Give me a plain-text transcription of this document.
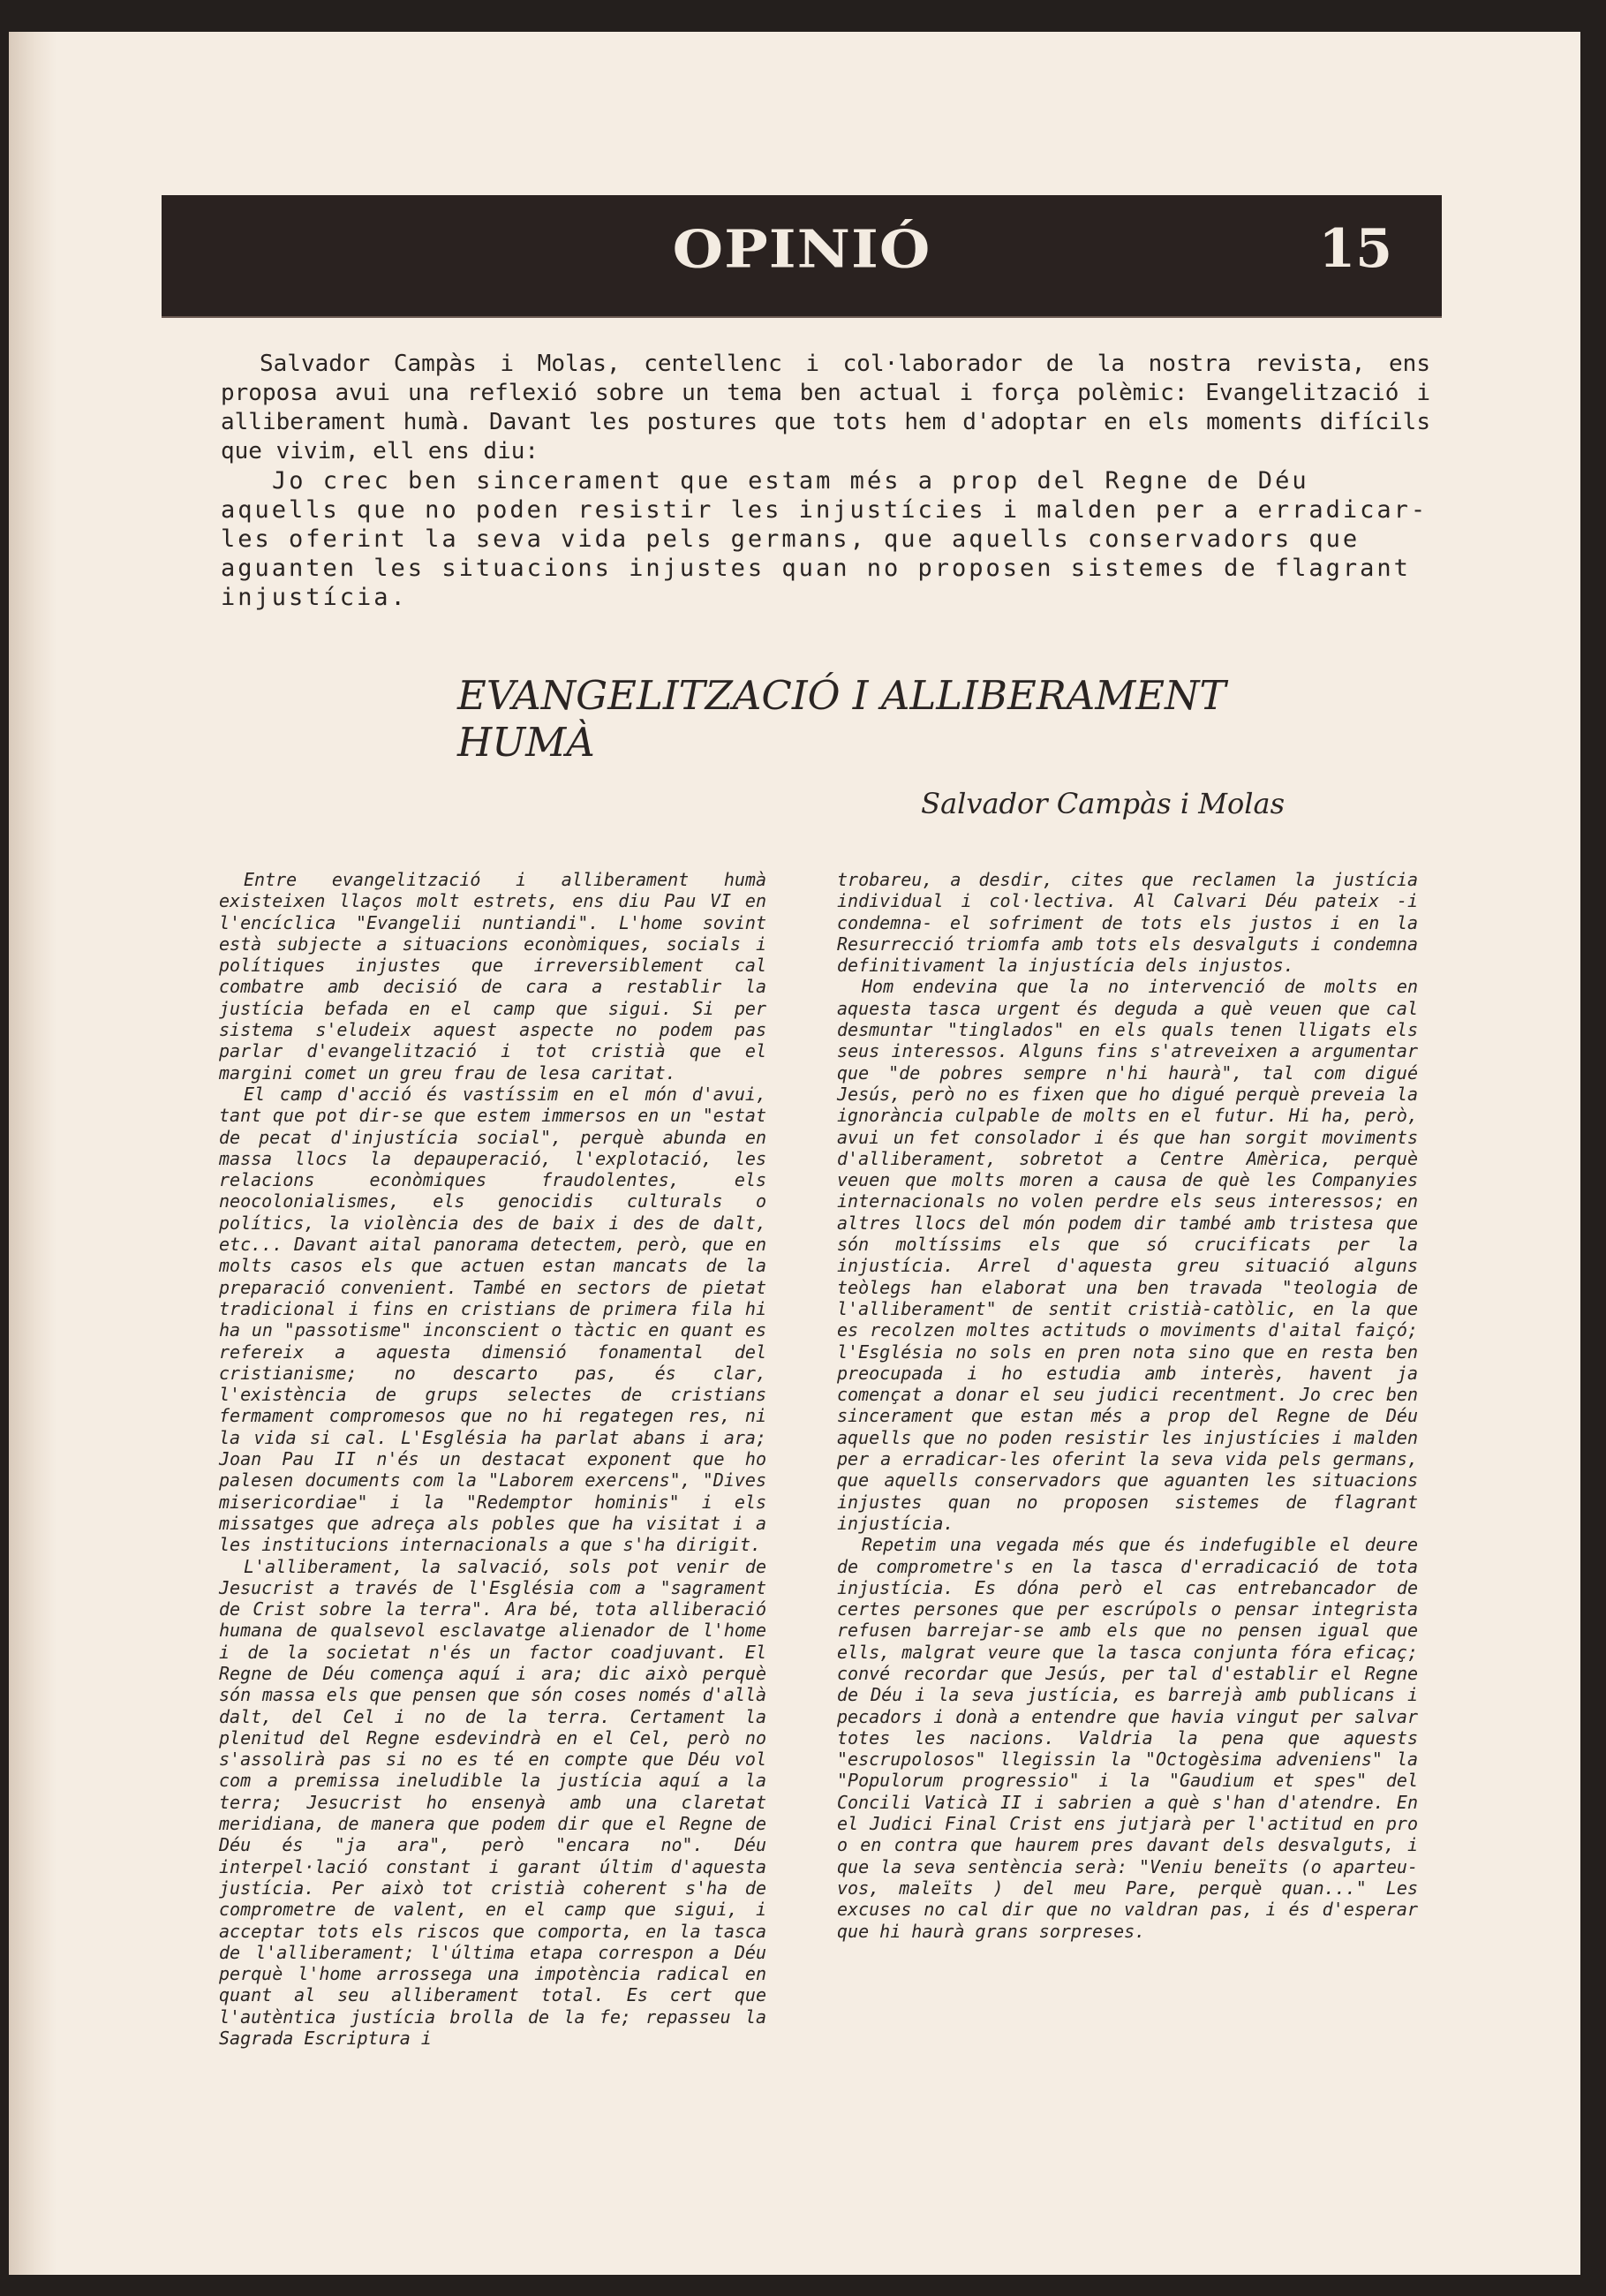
OPINIÓ	15

Salvador Campàs i Molas, centellenc i col·laborador de la nostra revista, ens proposa avui una reflexió sobre un tema ben actual i força polèmic: Evangelització i alliberament humà. Davant les postures que tots hem d'adoptar en els moments difícils que vivim, ell ens diu:

Jo crec ben sincerament que estam més a prop del Regne de Déu aquells que no poden resistir les injustícies i malden per a erradicar-les oferint la seva vida pels germans, que aquells conservadors que aguanten les situacions injustes quan no proposen sistemes de flagrant injustícia.

EVANGELITZACIÓ I ALLIBERAMENT
HUMÀ
Salvador Campàs i Molas

Entre evangelització i alliberament humà existeixen llaços molt estrets, ens diu Pau VI en l'encíclica "Evangelii nuntiandi". L'home sovint està subjecte a situacions econòmiques, socials i polítiques injustes que irreversiblement cal combatre amb decisió de cara a restablir la justícia befada en el camp que sigui. Si per sistema s'eludeix aquest aspecte no podem pas parlar d'evangelització i tot cristià que el margini comet un greu frau de lesa caritat.

El camp d'acció és vastíssim en el món d'avui, tant que pot dir-se que estem immersos en un "estat de pecat d'injustícia social", perquè abunda en massa llocs la depauperació, l'explotació, les relacions econòmiques fraudolentes, els neocolonialismes, els genocidis culturals o polítics, la violència des de baix i des de dalt, etc... Davant aital panorama detectem, però, que en molts casos els que actuen estan mancats de la preparació convenient. També en sectors de pietat tradicional i fins en cristians de primera fila hi ha un "passotisme" inconscient o tàctic en quant es refereix a aquesta dimensió fonamental del cristianisme; no descarto pas, és clar, l'existència de grups selectes de cristians fermament compromesos que no hi regategen res, ni la vida si cal. L'Església ha parlat abans i ara; Joan Pau II n'és un destacat exponent que ho palesen documents com la "Laborem exercens", "Dives misericordiae" i la "Redemptor hominis" i els missatges que adreça als pobles que ha visitat i a les institucions internacionals a que s'ha dirigit.

L'alliberament, la salvació, sols pot venir de Jesucrist a través de l'Església com a "sagrament de Crist sobre la terra". Ara bé, tota alliberació humana de qualsevol esclavatge alienador de l'home i de la societat n'és un factor coadjuvant. El Regne de Déu comença aquí i ara; dic això perquè són massa els que pensen que són coses només d'allà dalt, del Cel i no de la terra. Certament la plenitud del Regne esdevindrà en el Cel, però no s'assolirà pas si no es té en compte que Déu vol com a premissa ineludible la justícia aquí a la terra; Jesucrist ho ensenyà amb una claretat meridiana, de manera que podem dir que el Regne de Déu és "ja ara", però "encara no". Déu interpel·lació constant i garant últim d'aquesta justícia. Per això tot cristià coherent s'ha de comprometre de valent, en el camp que sigui, i acceptar tots els riscos que comporta, en la tasca de l'alliberament; l'última etapa correspon a Déu perquè l'home arrossega una impotència radical en quant al seu alliberament total. Es cert que l'autèntica justícia brolla de la fe; repasseu la Sagrada Escriptura i

trobareu, a desdir, cites que reclamen la justícia individual i col·lectiva. Al Calvari Déu pateix -i condemna- el sofriment de tots els justos i en la Resurrecció triomfa amb tots els desvalguts i condemna definitivament la injustícia dels injustos.

Hom endevina que la no intervenció de molts en aquesta tasca urgent és deguda a què veuen que cal desmuntar "tinglados" en els quals tenen lligats els seus interessos. Alguns fins s'atreveixen a argumentar que "de pobres sempre n'hi haurà", tal com digué Jesús, però no es fixen que ho digué perquè preveia la ignorància culpable de molts en el futur. Hi ha, però, avui un fet consolador i és que han sorgit moviments d'alliberament, sobretot a Centre Amèrica, perquè veuen que molts moren a causa de què les Companyies internacionals no volen perdre els seus interessos; en altres llocs del món podem dir també amb tristesa que són moltíssims els que só crucificats per la injustícia. Arrel d'aquesta greu situació alguns teòlegs han elaborat una ben travada "teologia de l'alliberament" de sentit cristià-catòlic, en la que es recolzen moltes actituds o moviments d'aital faiçó; l'Església no sols en pren nota sino que en resta ben preocupada i ho estudia amb interès, havent ja començat a donar el seu judici recentment. Jo crec ben sincerament que estan més a prop del Regne de Déu aquells que no poden resistir les injustícies i malden per a erradicar-les oferint la seva vida pels germans, que aquells conservadors que aguanten les situacions injustes quan no proposen sistemes de flagrant injustícia.

Repetim una vegada més que és indefugible el deure de comprometre's en la tasca d'erradicació de tota injustícia. Es dóna però el cas entrebancador de certes persones que per escrúpols o pensar integrista refusen barrejar-se amb els que no pensen igual que ells, malgrat veure que la tasca conjunta fóra eficaç; convé recordar que Jesús, per tal d'establir el Regne de Déu i la seva justícia, es barrejà amb publicans i pecadors i donà a entendre que havia vingut per salvar totes les nacions. Valdria la pena que aquests "escrupolosos" llegissin la "Octogèsima adveniens" la "Populorum progressio" i la "Gaudium et spes" del Concili Vaticà II i sabrien a què s'han d'atendre. En el Judici Final Crist ens jutjarà per l'actitud en pro o en contra que haurem pres davant dels desvalguts, i que la seva sentència serà: "Veniu beneïts (o aparteu-vos, maleïts ) del meu Pare, perquè quan..." Les excuses no cal dir que no valdran pas, i és d'esperar que hi haurà grans sorpreses.
